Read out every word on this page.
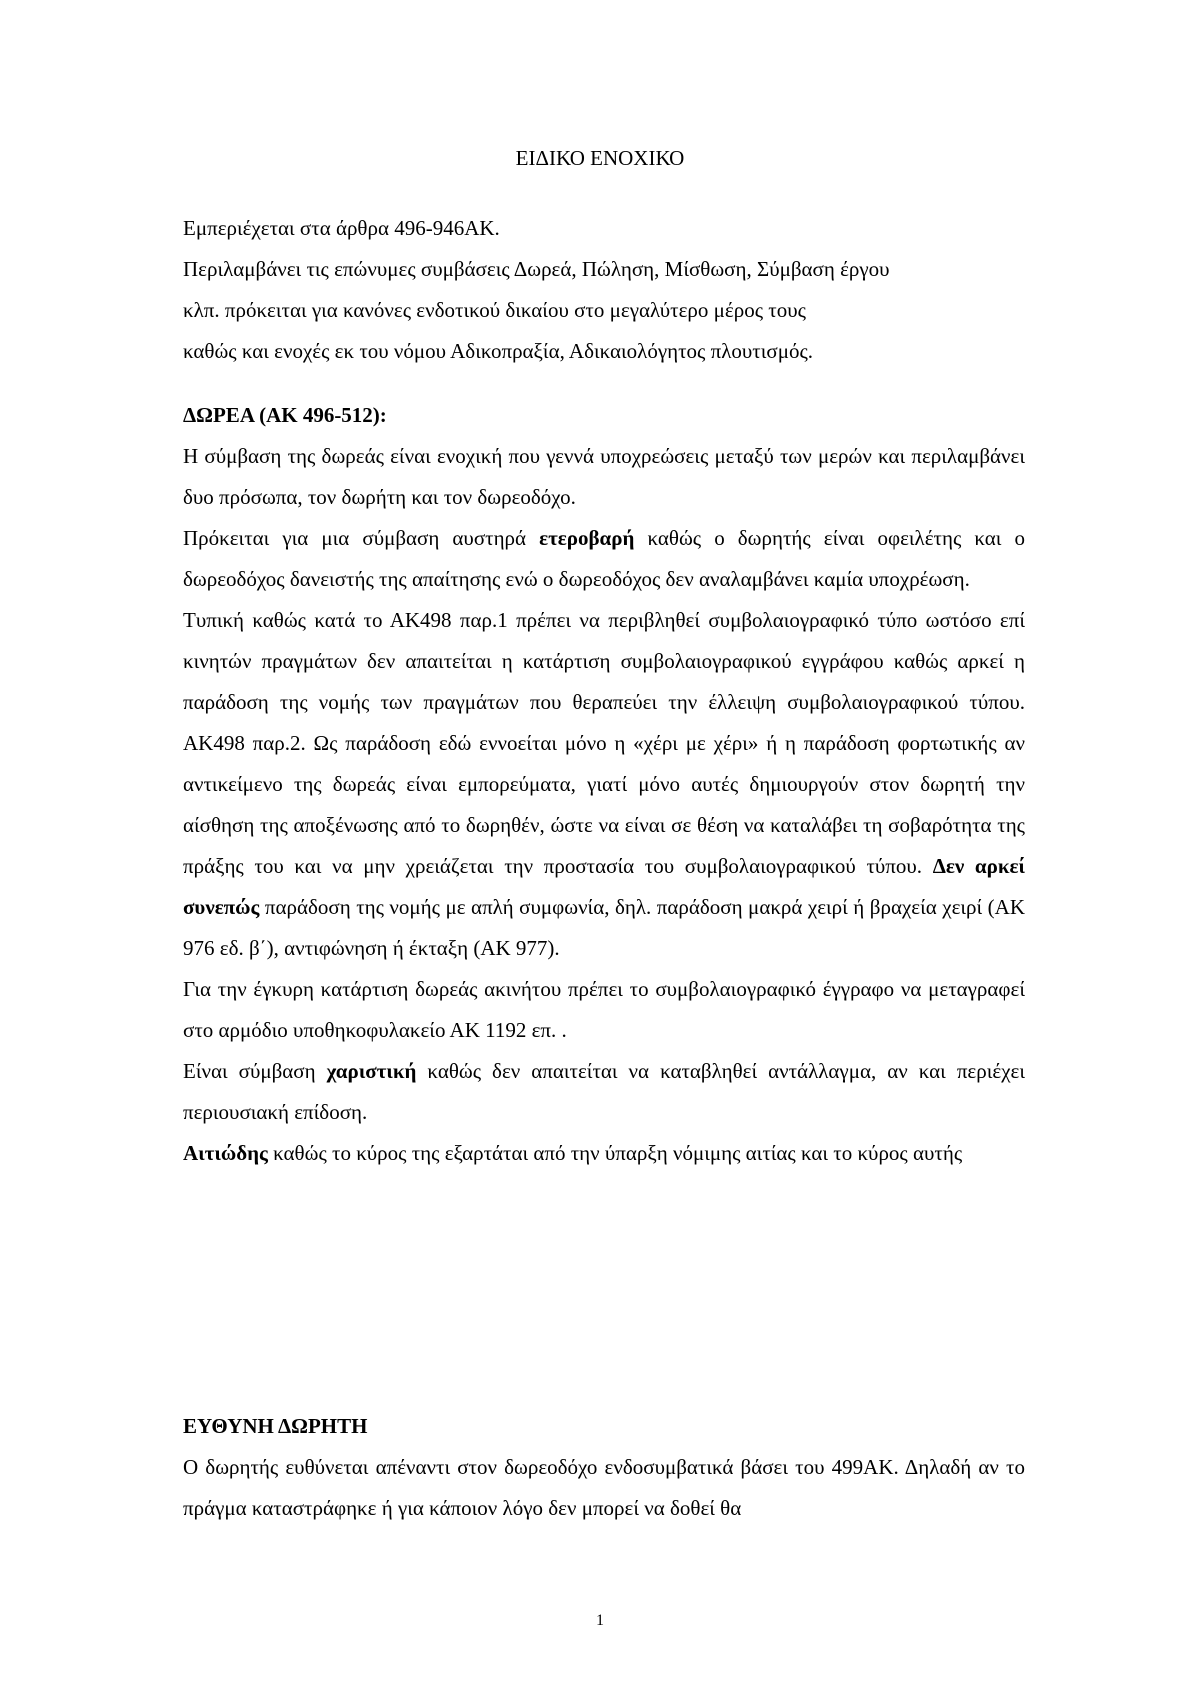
ΕΙΔΙΚΟ ΕΝΟΧΙΚΟ

Εμπεριέχεται στα άρθρα 496-946ΑΚ.

Περιλαμβάνει τις επώνυμες συμβάσεις Δωρεά, Πώληση, Μίσθωση, Σύμβαση έργου

κλπ. πρόκειται για κανόνες ενδοτικού δικαίου στο μεγαλύτερο μέρος τους

καθώς και ενοχές εκ του νόμου Αδικοπραξία, Αδικαιολόγητος πλουτισμός.

ΔΩΡΕΑ (ΑΚ 496-512):

Η σύμβαση της δωρεάς είναι ενοχική που γεννά υποχρεώσεις μεταξύ των μερών και περιλαμβάνει δυο πρόσωπα, τον δωρήτη και τον δωρεοδόχο.

Πρόκειται για μια σύμβαση αυστηρά ετεροβαρή καθώς ο δωρητής είναι οφειλέτης και ο δωρεοδόχος δανειστής της απαίτησης ενώ ο δωρεοδόχος δεν αναλαμβάνει καμία υποχρέωση.

Τυπική καθώς κατά το ΑΚ498 παρ.1 πρέπει να περιβληθεί συμβολαιογραφικό τύπο ωστόσο επί κινητών πραγμάτων δεν απαιτείται η κατάρτιση συμβολαιογραφικού εγγράφου καθώς αρκεί η παράδοση της νομής των πραγμάτων που θεραπεύει την έλλειψη συμβολαιογραφικού τύπου. ΑΚ498 παρ.2. Ως παράδοση εδώ εννοείται μόνο η «χέρι με χέρι» ή η παράδοση φορτωτικής αν αντικείμενο της δωρεάς είναι εμπορεύματα, γιατί μόνο αυτές δημιουργούν στον δωρητή την αίσθηση της αποξένωσης από το δωρηθέν, ώστε να είναι σε θέση να καταλάβει τη σοβαρότητα της πράξης του και να μην χρειάζεται την προστασία του συμβολαιογραφικού τύπου. Δεν αρκεί συνεπώς παράδοση της νομής με απλή συμφωνία, δηλ. παράδοση μακρά χειρί ή βραχεία χειρί (ΑΚ 976 εδ. β΄), αντιφώνηση ή έκταξη (ΑΚ 977).

Για την έγκυρη κατάρτιση δωρεάς ακινήτου πρέπει το συμβολαιογραφικό έγγραφο να μεταγραφεί στο αρμόδιο υποθηκοφυλακείο ΑΚ 1192 επ. .

Είναι σύμβαση χαριστική καθώς δεν απαιτείται να καταβληθεί αντάλλαγμα, αν και περιέχει περιουσιακή επίδοση.

Αιτιώδης καθώς το κύρος της εξαρτάται από την ύπαρξη νόμιμης αιτίας και το κύρος αυτής

ΕΥΘΥΝΗ ΔΩΡΗΤΗ

Ο δωρητής ευθύνεται απέναντι στον δωρεοδόχο ενδοσυμβατικά βάσει του 499ΑΚ. Δηλαδή αν το πράγμα καταστράφηκε ή για κάποιον λόγο δεν μπορεί να δοθεί θα

1
